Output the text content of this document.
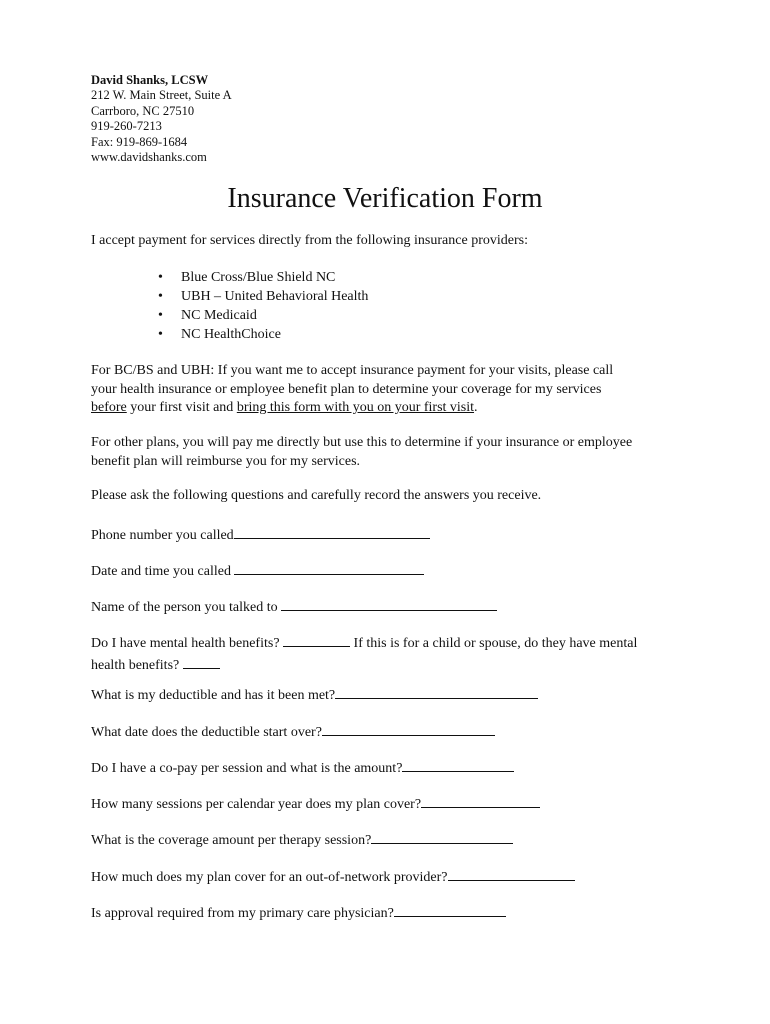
David Shanks, LCSW
212 W. Main Street, Suite A
Carrboro, NC 27510
919-260-7213
Fax: 919-869-1684
www.davidshanks.com
Insurance Verification Form

I accept payment for services directly from the following insurance providers:

• Blue Cross/Blue Shield NC
• UBH – United Behavioral Health
• NC Medicaid
• NC HealthChoice
For BC/BS and UBH: If you want me to accept insurance payment for your visits, please call
your health insurance or employee benefit plan to determine your coverage for my services
before your first visit and bring this form with you on your first visit.
For other plans, you will pay me directly but use this to determine if your insurance or employee
benefit plan will reimburse you for my services.

Please ask the following questions and carefully record the answers you receive.

Phone number you called
Date and time you called
Name of the person you talked to
Do I have mental health benefits?	If this is for a child or spouse, do they have mental
health benefits?
What is my deductible and has it been met?
What date does the deductible start over?
Do I have a co-pay per session and what is the amount?
How many sessions per calendar year does my plan cover?
What is the coverage amount per therapy session?
How much does my plan cover for an out-of-network provider?
Is approval required from my primary care physician?
